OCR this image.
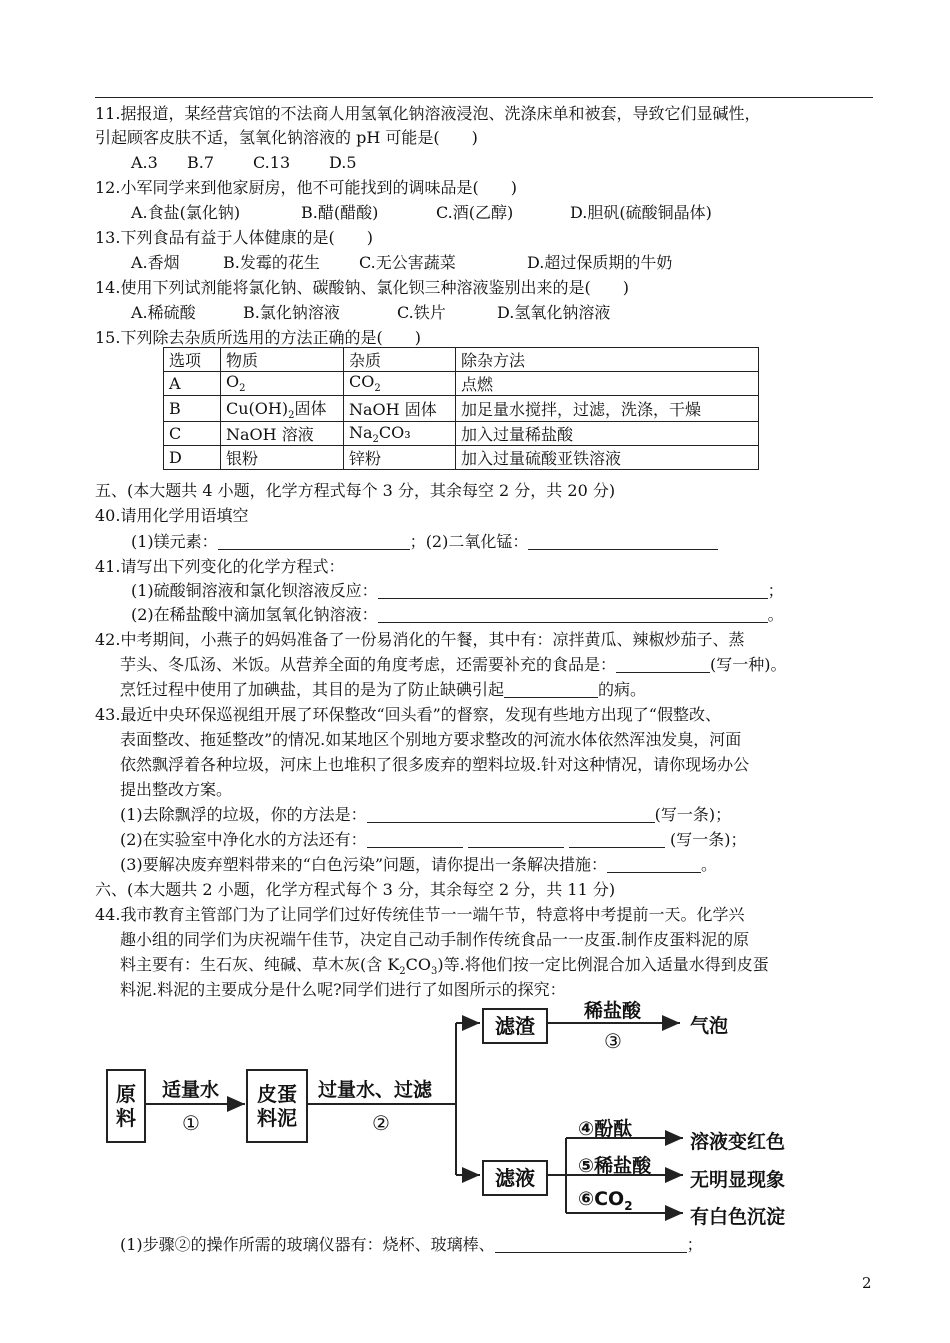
11.据报道，某经营宾馆的不法商人用氢氧化钠溶液浸泡、洗涤床单和被套，导致它们显碱性，
引起顾客皮肤不适，氢氧化钠溶液的 pH 可能是(　　)
A.3 B.7 C.13 D.5
12.小军同学来到他家厨房，他不可能找到的调味品是(　　)
A.食盐(氯化钠)	B.醋(醋酸)	C.酒(乙醇)	D.胆矾(硫酸铜晶体)
13.下列食品有益于人体健康的是(　　)
A.香烟	B.发霉的花生 C.无公害蔬菜	D.超过保质期的牛奶
14.使用下列试剂能将氯化钠、碳酸钠、氯化钡三种溶液鉴别出来的是(　　)
A.稀硫酸	B.氯化钠溶液	C.铁片	D.氢氧化钠溶液
15.下列除去杂质所选用的方法正确的是(　　)
选项	物质	杂质	除杂方法
A	$O_2$	$CO_2$	点燃
B	$Cu(OH)_2$固体	NaOH 固体	加足量水搅拌，过滤，洗涤，干燥
C	NaOH 溶液	$Na_2CO_3$	加入过量稀盐酸
D	银粉	锌粉	加入过量硫酸亚铁溶液
五、(本大题共 4 小题，化学方程式每个 3 分，其余每空 2 分，共 20 分)
40.请用化学用语填空
(1)镁元素：	；(2)二氧化锰：
41.请写出下列变化的化学方程式：
(1)硫酸铜溶液和氯化钡溶液反应：	；
(2)在稀盐酸中滴加氢氧化钠溶液：	。
42.中考期间，小燕子的妈妈准备了一份易消化的午餐，其中有：凉拌黄瓜、辣椒炒茄子、蒸
芋头、冬瓜汤、米饭。从营养全面的角度考虑，还需要补充的食品是：	(写一种)。
烹饪过程中使用了加碘盐，其目的是为了防止缺碘引起	的病。
43.最近中央环保巡视组开展了环保整改“回头看”的督察，发现有些地方出现了“假整改、
表面整改、拖延整改”的情况.如某地区个别地方要求整改的河流水体依然浑浊发臭，河面
依然飘浮着各种垃圾，河床上也堆积了很多废弃的塑料垃圾.针对这种情况，请你现场办公
提出整改方案。
(1)去除飘浮的垃圾，你的方法是：	(写一条)；
(2)在实验室中净化水的方法还有：	(写一条)；
(3)要解决废弃塑料带来的“白色污染”问题，请你提出一条解决措施：	。
六、(本大题共 2 小题，化学方程式每个 3 分，其余每空 2 分，共 11 分)
44.我市教育主管部门为了让同学们过好传统佳节一一端午节，特意将中考提前一天。化学兴
趣小组的同学们为庆祝端午佳节，决定自己动手制作传统食品一一皮蛋.制作皮蛋料泥的原
料主要有：生石灰、纯碱、草木灰(含 $K_2CO_3$)等.将他们按一定比例混合加入适量水得到皮蛋
料泥.料泥的主要成分是什么呢?同学们进行了如图所示的探究：
原
料
皮蛋
料泥
滤渣
滤液
适量水
①
过量水、过滤
②
稀盐酸
③
气泡
④酚酞
溶液变红色
⑤稀盐酸
无明显现象
$⑥CO_2$
有白色沉淀
(1)步骤②的操作所需的玻璃仪器有：烧杯、玻璃棒、	；
2
